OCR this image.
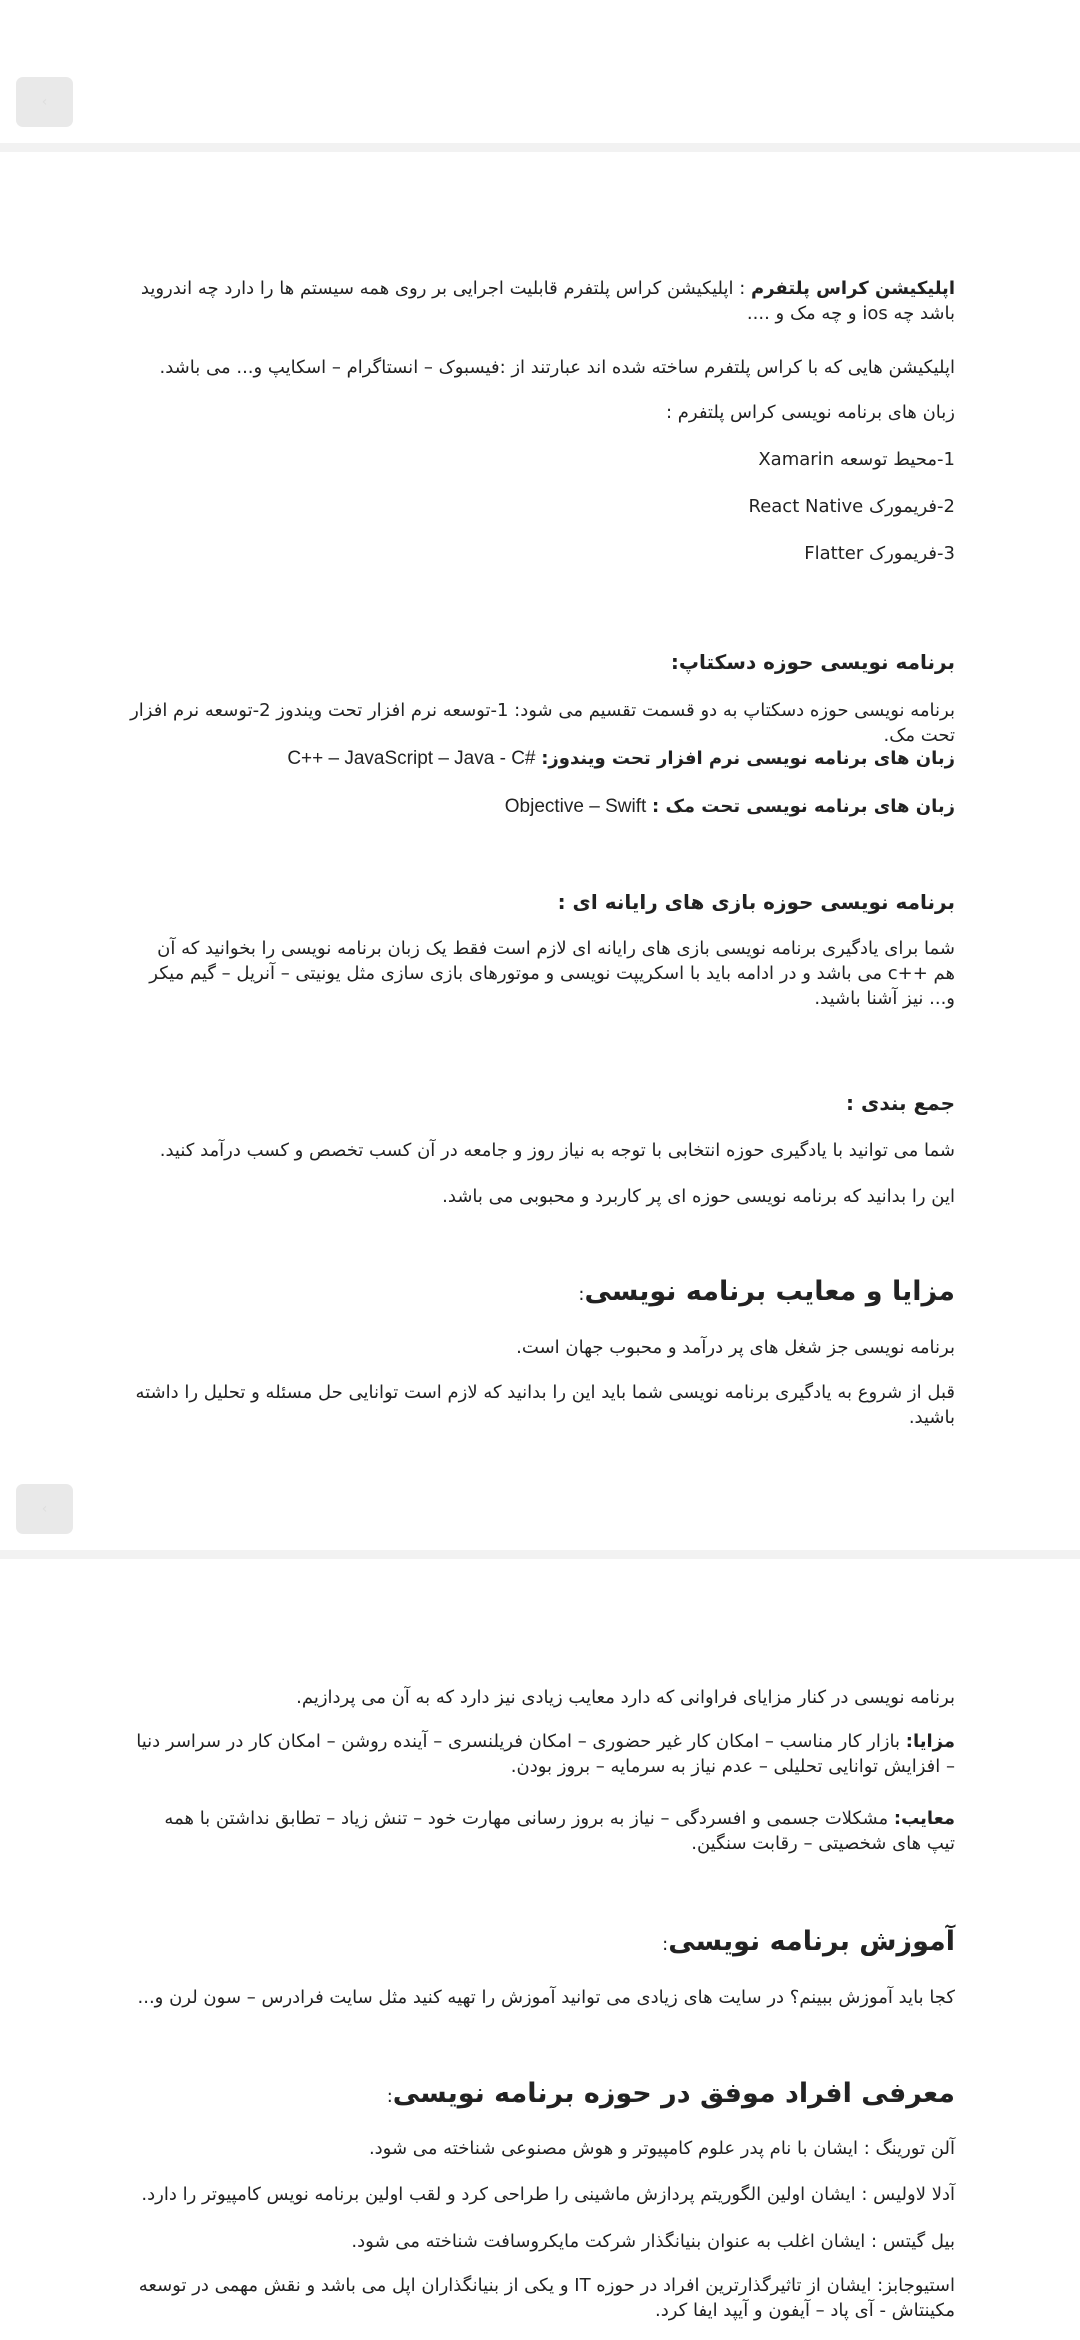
‹
اپلیکیشن کراس پلتفرم : اپلیکیشن کراس پلتفرم قابلیت اجرایی بر روی همه سیستم ها را دارد چه اندروید باشد چه ios و چه مک و ....
اپلیکیشن هایی که با کراس پلتفرم ساخته شده اند عبارتند از :فیسبوک – انستاگرام – اسکایپ و... می باشد.
زبان های برنامه نویسی کراس پلتفرم :
1-محیط توسعه Xamarin
2-فریمورک React Native
3-فریمورک Flatter
برنامه نویسی حوزه دسکتاپ:
برنامه نویسی حوزه دسکتاپ به دو قسمت تقسیم می شود: 1-توسعه نرم افزار تحت ویندوز 2-توسعه نرم افزار تحت مک.
زبان های برنامه نویسی نرم افزار تحت ویندوز: C++ – JavaScript – Java - C#
زبان های برنامه نویسی تحت مک : Objective – Swift
برنامه نویسی حوزه بازی های رایانه ای :
شما برای یادگیری برنامه نویسی بازی های رایانه ای لازم است فقط یک زبان برنامه نویسی را بخوانید که آن هم ++c می باشد و در ادامه باید با اسکریپت نویسی و موتورهای بازی سازی مثل یونیتی – آنریل – گیم میکر و... نیز آشنا باشید.
جمع بندی :
شما می توانید با یادگیری حوزه انتخابی با توجه به نیاز روز و جامعه در آن کسب تخصص و کسب درآمد کنید.
این را بدانید که برنامه نویسی حوزه ای پر کاربرد و محبوبی می باشد.
مزایا و معایب برنامه نویسی:
برنامه نویسی جز شغل های پر درآمد و محبوب جهان است.
قبل از شروع به یادگیری برنامه نویسی شما باید این را بدانید که لازم است توانایی حل مسئله و تحلیل را داشته باشید.
‹
برنامه نویسی در کنار مزایای فراوانی که دارد معایب زیادی نیز دارد که به آن می پردازیم.
مزایا: بازار کار مناسب – امکان کار غیر حضوری – امکان فریلنسری – آینده روشن – امکان کار در سراسر دنیا – افزایش توانایی تحلیلی – عدم نیاز به سرمایه – بروز بودن.
معایب: مشکلات جسمی و افسردگی – نیاز به بروز رسانی مهارت خود – تنش زیاد – تطابق نداشتن با همه تیپ های شخصیتی – رقابت سنگین.
آموزش برنامه نویسی:
کجا باید آموزش ببینم؟ در سایت های زیادی می توانید آموزش را تهیه کنید مثل سایت فرادرس – سون لرن و...
معرفی افراد موفق در حوزه برنامه نویسی:
آلن تورینگ : ایشان با نام پدر علوم کامپیوتر و هوش مصنوعی شناخته می شود.
آدلا لاولیس : ایشان اولین الگوریتم پردازش ماشینی را طراحی کرد و لقب اولین برنامه نویس کامپیوتر را دارد.
بیل گیتس : ایشان اغلب به عنوان بنیانگذار شرکت مایکروسافت شناخته می شود.
استیوجابز: ایشان از تاثیرگذارترین افراد در حوزه IT و یکی از بنیانگذاران اپل می باشد و نقش مهمی در توسعه مکینتاش - آی پاد – آیفون و آیپد ایفا کرد.
